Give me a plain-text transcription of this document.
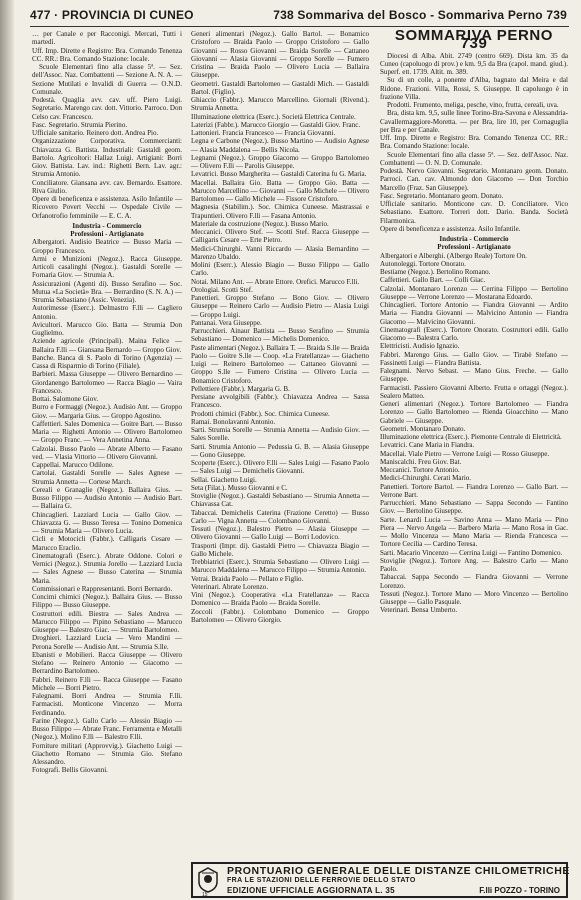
477 · PROVINCIA DI CUNEO	738 Sommariva del Bosco - Sommariva Perno 739

… per Canale e per Racconigi. Mercati, Tutti i martedì.

Uff. Imp. Dirette e Registro: Bra. Comando Tenenza CC. RR.: Bra. Comando Stazione: locale.

Scuole Elementari fino alla classe 5ª. — Sez. dell'Assoc. Naz. Combattenti — Sezione A. N. A. — Sezione Mutilati e Invalidi di Guerra — O.N.D. Comunale.

Podestà. Quaglia avv. cav. uff. Piero Luigi. Segretario. Marengo cav. dott. Vittorio. Parroco. Don Celso cav. Francesco.

Fasc. Segretario. Strumia Pierino.

Ufficiale sanitario. Reinero dott. Andrea Pio.

Organizzazione Corporativa. Commercianti: Chiavazza G. Battista. Industriali: Gastaldi geom. Bartolo. Agricoltori: Hallaz Luigi. Artigiani: Borri Giov. Battista. Lav. ind.: Righetti Bern. Lav. agr.: Strumia Antonio.

Conciliatore. Giansana avv. cav. Bernardo. Esattore. Riva Giulio.

Opere di beneficenza e assistenza. Asilo Infantile — Ricovero Povert Vecchi — Ospedale Civile — Orfanotrofio femminile — E. C. A.

Industria - Commercio

Professioni - Artigianato

Albergatori. Audisio Beatrice — Busso Maria — Groppo Francesco.

Armi e Munizioni (Negoz.). Racca Giuseppe. Articoli casalinghi (Negoz.). Gastaldi Sorelle — Fornaria Giov. — Strumia A.

Assicurazioni (Agenti di). Busso Serafino — Soc. Mutua «La Società» Bra. — Berrardino (S. N. A.) — Strumia Sebastiano (Assic. Venezia).

Autorimesse (Eserc.). Delmastro F.lli — Cagliero Antonio.

Avicultori. Marucco Gio. Batta — Strumia Don Guglielmo.

Aziende agricole (Principali). Maina Felice — Ballaira F.lli — Giansana Bernardo — Groppo Giov.

Banche. Banca di S. Paolo di Torino (Agenzia) — Cassa di Risparmio di Torino (Filiale).

Barbieri. Massa Giuseppe — Olivero Bernardino — Giordanengo Bartolomeo — Racca Biagio — Vaira Francesco.

Bottai. Salomone Giov.

Burro e Formaggi (Negoz.). Audisio Ant. — Groppo Giov. — Margaria Gius. — Groppo Agostino.

Caffettieri. Sales Domenica — Goitre Bart. — Busso Maria — Righetti Antonio — Olivero Bartolomeo — Groppo Franc. — Vera Annetina Anna.

Calzolai. Busso Paolo — Abrate Alberto — Fasano ved. — Vlasia Vittorio — Olivero Giovanni.

Cappellai. Marucco Odilone.

Cartolai. Gastaldi Sorelle — Sales Agnese — Strumia Annetta — Cortese March.

Cereali e Granaglie (Negoz.). Ballaira Gius. — Busso Filippo — Audisio Antonio — Audisio Bart. — Ballaira G.

Chincaglieri. Lazziard Lucia — Gallo Giov. — Chiavazza G. — Busso Teresa — Tonino Domenica — Strumia Maria — Olivero Lucia.

Cicli e Motocicli (Fabbr.). Calligaris Cesare — Marucco Eraclio.

Cinematografi (Eserc.). Abrate Oddone. Colori e Vernici (Negoz.). Strumia Jorello — Lazziard Lucia — Sales Agnese — Busso Caterina — Strumia Maria.

Commissionari e Rappresentanti. Borri Bernardo.

Concimi chimici (Negoz.). Ballaira Gius. — Busso Filippo — Busso Giuseppe.

Costruttori edili. Biestra — Sales Andrea — Marucco Filippo — Pipino Sebastiano — Marucco Giuseppe — Balestro Giac. — Strumia Bartolomeo.

Droghieri. Lazziard Lucia — Vero Mandini — Perona Sorelle — Audisio Ant. — Strumia S.lle.

Ebanisti e Mobilieri. Racca Giuseppe — Olivero Stefano — Reinero Antonio — Giacomo — Berrardino Bartolomeo.

Fabbri. Reinero F.lli — Racca Giuseppe — Fasano Michele — Borri Pietro.

Falegnami. Borri Andrea — Strumia F.lli. Farmacisti. Monticone Vincenzo — Morra Ferdinando.

Farine (Negoz.). Gallo Carlo — Alessio Biagio — Busso Filippo — Abrate Franc. Ferramenta e Metalli (Negoz.). Molino F.lli — Balestro F.lli.

Forniture militari (Approvvig.). Giachetto Luigi — Giachetto Romano — Strumia Gio. Stefano Alessandro.

Fotografi. Bellis Giovanni.

Generi alimentari (Negoz.). Gallo Bartol. — Bonamico Cristoforo — Braida Paolo — Groppo Cristoforo — Gallo Giovanni — Rosso Giovanni — Braida Sorelle — Cattaneo Giovanni — Alasia Giovanni — Groppo Sorelle — Fumero Cristina — Braida Paolo — Olivero Lucia — Ballaira Giuseppe.

Geometri. Gastaldi Bartolomeo — Gastaldi Mich. — Gastaldi Bartol. (Figlio).

Ghiaccio (Fabbr.). Marucco Marcellino. Giornali (Rivend.). Strumia Annetta.

Illuminazione elettrica (Eserc.). Società Elettrica Centrale.

Laterizi (Fabbr.). Marucco Giorgio — Gastaldi Giov. Franc.

Lattonieri. Francia Francesco — Francia Giovanni.

Legna e Carbone (Negoz.). Busso Martino — Audisio Agnese — Alasia Maddalena — Bellis Nicola.

Legnami (Negoz.). Groppo Giacomo — Groppo Bartolomeo — Olivero F.lli — Parolis Giuseppe.

Levatrici. Busso Margherita — Gastaldi Caterina fu G. Maria.

Macellai. Ballaira Gio. Batta — Groppo Gio. Batta — Marucco Marcellino — Giovanni — Gallo Michele — Olivero Bartolomeo — Gallo Michele — Fissore Cristoforo.

Magnesia (Stabilim.). Soc. Chimica Cuneese. Mastrassai e Trapuntieri. Olivero F.lli — Fasana Antonio.

Materiale da costruzione (Negoz.). Busso Mario.

Meccanici. Olivero Stef. — Scotti Stef. Racca Giuseppe — Calligaris Cesare — Erte Pietro.

Medici-Chirurghi. Vanni Riccardo — Alasia Bernardino — Marenzo Ubaldo.

Molini (Eserc.). Alessio Biagio — Busso Filippo — Gallo Carlo.

Notai. Milano Ant. — Abrate Ettore. Orefici. Marucco F.lli.

Orologiai. Scotti Stef.

Panettieri. Groppo Stefano — Bono Giov. — Olivero Giuseppe — Reinero Carlo — Audisio Pietro — Alasia Luigi — Groppo Luigi.

Pantanai. Vera Giuseppe.

Parrucchieri. Ainaur Battista — Busso Serafino — Strumia Sebastiano — Domenico — Michelis Domenico.

Paste alimentari (Negoz.). Ballaira T. — Braida S.lle — Braida Paolo — Goitre S.lle — Coop. «La Fratellanza» — Giachetto Luigi — Reinero Bartolomeo — Cattaneo Giovanni — Groppo S.lle — Fumero Cristina — Olivero Lucia — Bonamico Cristoforo.

Pellettiere (Fabbr.). Margaria G. B.

Persiane avvolgibili (Fabbr.). Chiavazza Andrea — Sassa Francesco.

Prodotti chimici (Fabbr.). Soc. Chimica Cuneese.

Ramai. Bonolavanni Antonio.

Sarti. Strumia Sorelle — Strumia Annetta — Audisio Giov. — Sales Sorelle.

Sarti. Strumia Antonio — Pedussia G. B. — Alasia Giuseppe — Gono Giuseppe.

Scoperte (Eserc.). Olivero F.lli — Sales Luigi — Fasano Paolo — Sales Luigi — Demichelis Giovanni.

Sellai. Giachetto Luigi.

Seta (Filat.). Musso Giovanni e C.

Stoviglie (Negoz.). Gastaldi Sebastiano — Strumia Annetta — Chiavassa Cat.

Tabaccai. Demichelis Caterina (Frazione Ceretto) — Busso Carlo — Vigna Annetta — Colombano Giovanni.

Tessuti (Negoz.). Balestro Pietro — Alasia Giuseppe — Olivero Giovanni — Gallo Luigi — Borri Lodovico.

Trasporti (Impr. di). Gastaldi Pietro — Chiavazza Biagio — Gallo Michele.

Trebbiatrici (Eserc.). Strumia Sebastiano — Olivero Luigi — Marucco Maddalena — Marucco Filippo — Strumia Antonio.

Vetrai. Braida Paolo — Pellato e Figlio.

Veterinari. Abrate Lorenzo.

Vini (Negoz.). Cooperativa «La Fratellanza» — Racca Domenico — Braida Paolo — Braida Sorelle.

Zoccoli (Fabbr.). Colombano Domenico — Groppo Bartolomeo — Olivero Giorgio.

SOMMARIVA PERNO 739

Diocesi di Alba. Abit. 2749 (centro 669). Dista km. 35 da Cuneo (capoluogo di prov.) e km. 9,5 da Bra (capol. mand. giud.). Superf. ett. 1739. Altit. m. 389.

Su di un colle, a ponente d'Alba, bagnato dal Meira e dal Ridone. Frazioni. Villa, Rossi, S. Giuseppe. Il capoluogo è in frazione Villa.

Prodotti. Frumento, meliga, pesche, vino, frutta, cereali, uva.

Bra, dista km. 9,5, sulle linee Torino-Bra-Savona e Alessandria-Cavallermaggiore-Moretta. — per Bra, lire 10, per Cornaguglia per Bra e per Canale.

Uff. Imp. Dirette e Registro: Bra. Comando Tenenza CC. RR.: Bra. Comando Stazione: locale.

Scuole Elementari fino alla classe 5ª. — Sez. dell'Assoc. Naz. Combattenti — O. N. D. Comunale.

Podestà. Nervo Giovanni. Segretario. Montanaro geom. Donato. Parroci. Can. cav. Almondo don Giacomo — Don Torchio Marcello (Fraz. San Giuseppe).

Fasc. Segretario. Montanaro geom. Donato.

Ufficiale sanitario. Monticone cav. D. Conciliatore. Vico Sebastiano. Esattore. Torreri dott. Dario. Banda. Società Filarmonica.

Opere di beneficenza e assistenza. Asilo Infantile.

Industria - Commercio

Professioni - Artigianato

Albergatori e Alberghi. (Albergo Reale) Tortore On.

Autonoleggi. Tortore Onorato.

Bestiame (Negoz.). Bertolino Romano.

Caffettieri. Gallo Bart. — Colli Giac.

Calzolai. Montanaro Lorenzo — Cerrina Filippo — Bertolino Giuseppe — Verrone Lorenzo — Mostarana Edoardo.

Chincaglieri. Tortore Antonio — Fiandra Giovanni — Ardito Maria — Fiandra Giovanni — Malvicino Antonio — Fiandra Giacomo — Malvicino Giovanni.

Cinematografi (Eserc.). Tortore Onorato. Costruttori edili. Gallo Giacomo — Balestra Carlo.

Elettricisti. Audisio Ignazio.

Fabbri. Marengo Gius. — Gallo Giov. — Tirabè Stefano — Fassinetti Luigi — Fiandra Battista.

Falegnami. Nervo Sebast. — Mano Gius. Freche. — Gallo Giuseppe.

Farmacisti. Passiero Giovanni Alberto. Frutta e ortaggi (Negoz.). Sealero Matteo.

Generi alimentari (Negoz.). Tortore Bartolomeo — Fiandra Lorenzo — Gallo Bartolomeo — Rienda Gioacchino — Mano Gabriele — Giuseppe.

Geometri. Montanaro Donato.

Illuminazione elettrica (Eserc.). Piemonte Centrale di Elettricità.

Levatrici. Cane Maria in Fiandra.

Macellai. Viale Pietro — Verrone Luigi — Rosso Giuseppe.

Maniscalchi. Freu Giov. Bat.

Meccanici. Tortore Antonio.

Medici-Chirurghi. Cerati Mario.

Panettieri. Tortore Bartol. — Fiandra Lorenzo — Gallo Bart. — Verrone Bart.

Parrucchieri. Mano Sebastiano — Sappa Secondo — Fantino Giov. — Bertolino Giuseppe.

Sarte. Lenardi Lucia — Savino Anna — Mano Maria — Pino Piera — Nervo Angela — Barbero Maria — Mano Rosa in Gac. — Mollo Vincenza — Mano Maria — Rienda Francesca — Tortore Cecilia — Cardino Teresa.

Sarti. Macario Vincenzo — Cerrina Luigi — Fantino Domenico.

Stoviglie (Negoz.). Tortore Ang. — Balestro Carlo — Mano Paolo.

Tabaccai. Sappa Secondo — Fiandra Giovanni — Verrone Lorenzo.

Tessuti (Negoz.). Tortore Mano — Moro Vincenzo — Bertolino Giuseppe — Gallo Pasquale.

Veterinari. Bensa Umberto.

15
PRONTUARIO GENERALE DELLE DISTANZE CHILOMETRICHE
FRA LE STAZIONI DELLE FERROVIE DELLO STATO
EDIZIONE UFFICIALE AGGIORNATA L. 35	F.lli POZZO - TORINO
